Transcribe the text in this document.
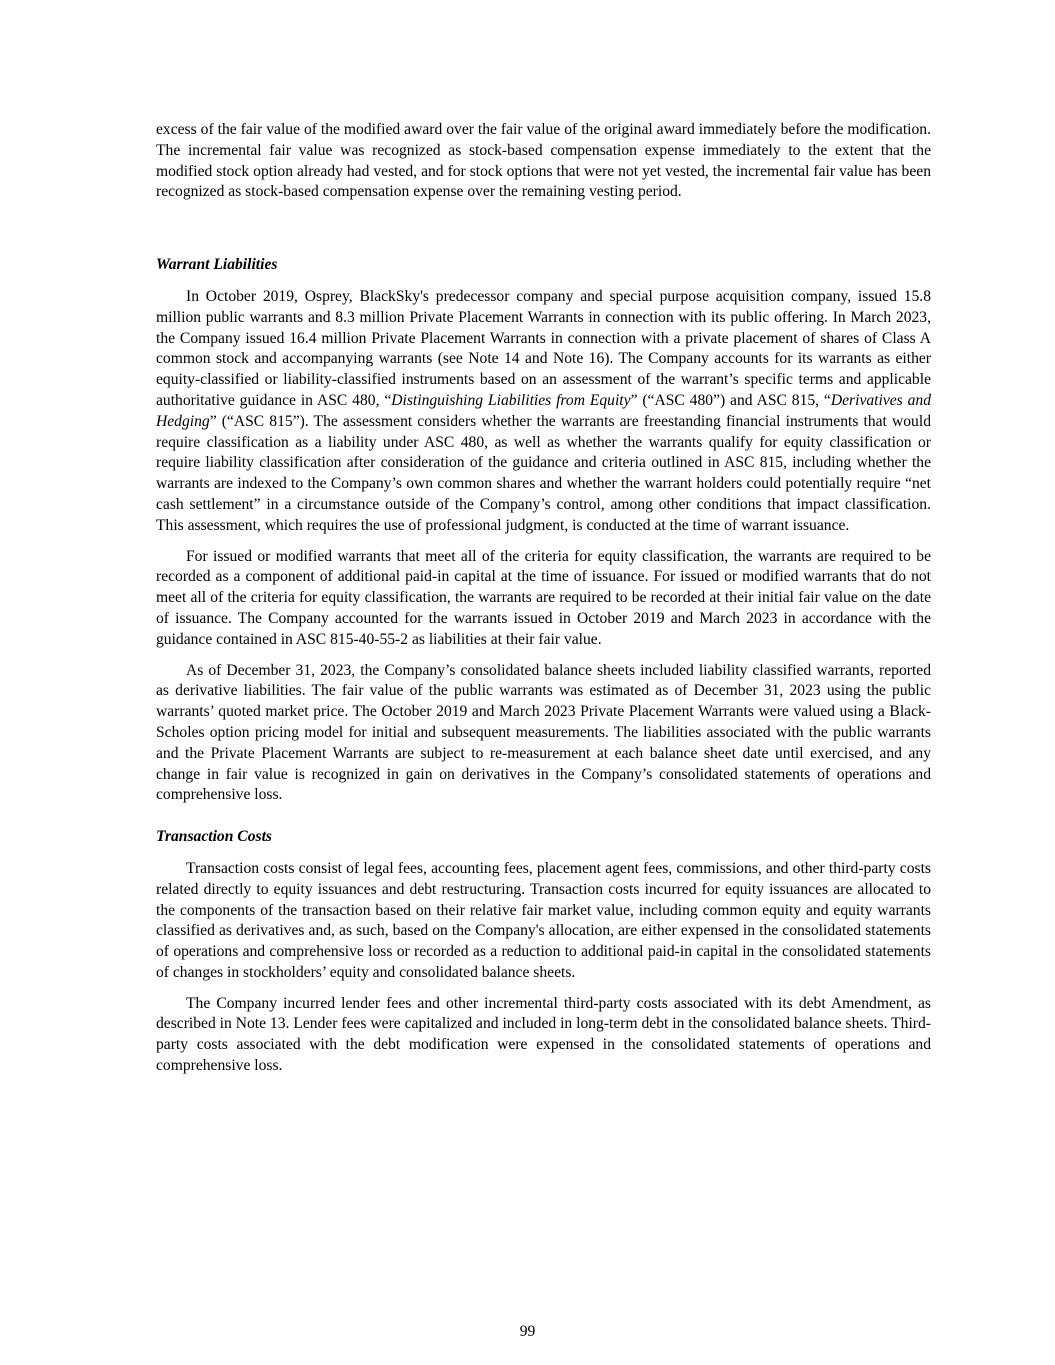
excess of the fair value of the modified award over the fair value of the original award immediately before the modification. The incremental fair value was recognized as stock-based compensation expense immediately to the extent that the modified stock option already had vested, and for stock options that were not yet vested, the incremental fair value has been recognized as stock-based compensation expense over the remaining vesting period.

Warrant Liabilities

In October 2019, Osprey, BlackSky's predecessor company and special purpose acquisition company, issued 15.8 million public warrants and 8.3 million Private Placement Warrants in connection with its public offering. In March 2023, the Company issued 16.4 million Private Placement Warrants in connection with a private placement of shares of Class A common stock and accompanying warrants (see Note 14 and Note 16). The Company accounts for its warrants as either equity-classified or liability-classified instruments based on an assessment of the warrant’s specific terms and applicable authoritative guidance in ASC 480, “Distinguishing Liabilities from Equity” (“ASC 480”) and ASC 815, “Derivatives and Hedging” (“ASC 815”). The assessment considers whether the warrants are freestanding financial instruments that would require classification as a liability under ASC 480, as well as whether the warrants qualify for equity classification or require liability classification after consideration of the guidance and criteria outlined in ASC 815, including whether the warrants are indexed to the Company’s own common shares and whether the warrant holders could potentially require “net cash settlement” in a circumstance outside of the Company’s control, among other conditions that impact classification. This assessment, which requires the use of professional judgment, is conducted at the time of warrant issuance.

For issued or modified warrants that meet all of the criteria for equity classification, the warrants are required to be recorded as a component of additional paid-in capital at the time of issuance. For issued or modified warrants that do not meet all of the criteria for equity classification, the warrants are required to be recorded at their initial fair value on the date of issuance. The Company accounted for the warrants issued in October 2019 and March 2023 in accordance with the guidance contained in ASC 815-40-55-2 as liabilities at their fair value.

As of December 31, 2023, the Company’s consolidated balance sheets included liability classified warrants, reported as derivative liabilities. The fair value of the public warrants was estimated as of December 31, 2023 using the public warrants’ quoted market price. The October 2019 and March 2023 Private Placement Warrants were valued using a Black-Scholes option pricing model for initial and subsequent measurements. The liabilities associated with the public warrants and the Private Placement Warrants are subject to re-measurement at each balance sheet date until exercised, and any change in fair value is recognized in gain on derivatives in the Company’s consolidated statements of operations and comprehensive loss.

Transaction Costs

Transaction costs consist of legal fees, accounting fees, placement agent fees, commissions, and other third-party costs related directly to equity issuances and debt restructuring. Transaction costs incurred for equity issuances are allocated to the components of the transaction based on their relative fair market value, including common equity and equity warrants classified as derivatives and, as such, based on the Company's allocation, are either expensed in the consolidated statements of operations and comprehensive loss or recorded as a reduction to additional paid-in capital in the consolidated statements of changes in stockholders’ equity and consolidated balance sheets.

The Company incurred lender fees and other incremental third-party costs associated with its debt Amendment, as described in Note 13. Lender fees were capitalized and included in long-term debt in the consolidated balance sheets. Third-party costs associated with the debt modification were expensed in the consolidated statements of operations and comprehensive loss.

99
